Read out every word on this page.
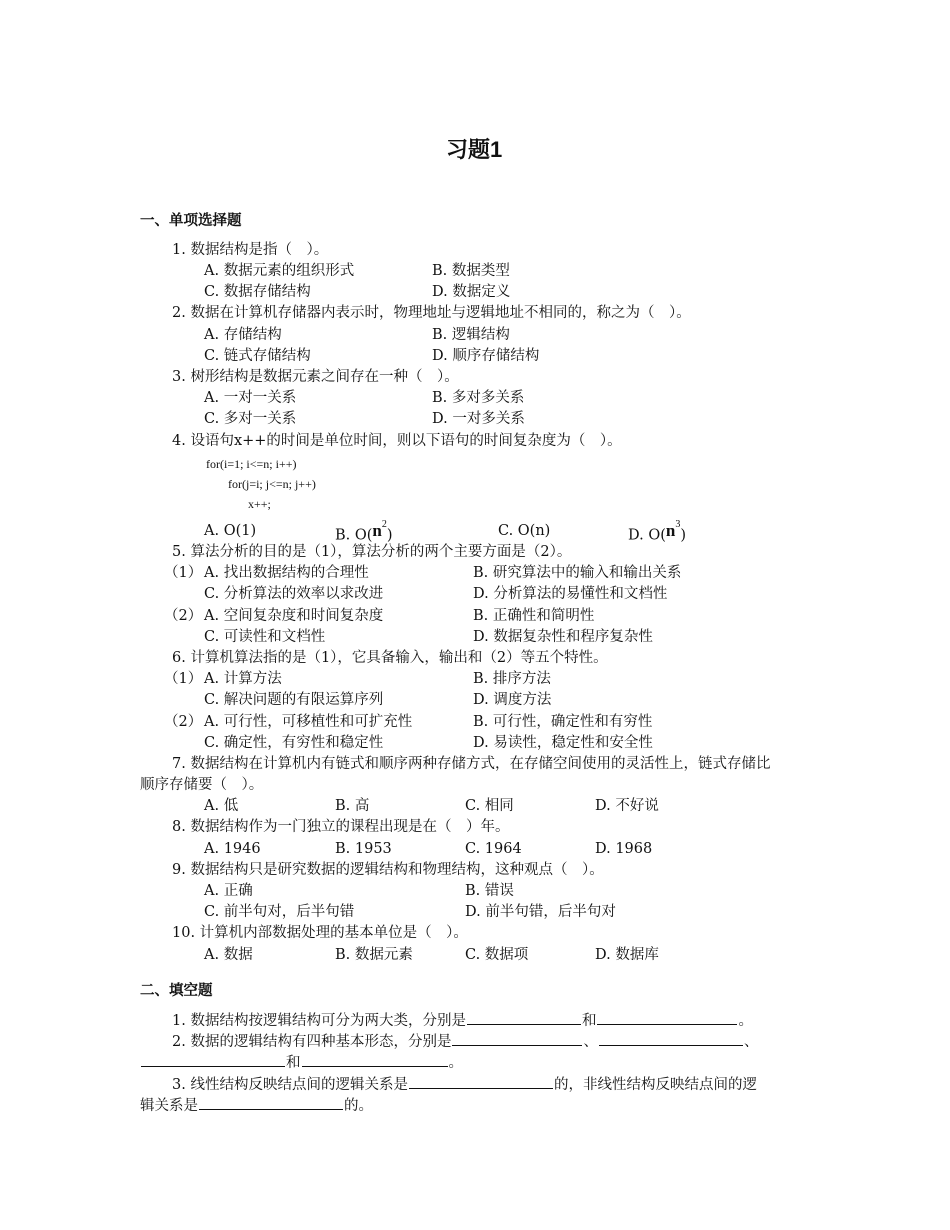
习题1
一、单项选择题
1. 数据结构是指（　）。
A. 数据元素的组织形式	B. 数据类型
C. 数据存储结构	D. 数据定义
2. 数据在计算机存储器内表示时，物理地址与逻辑地址不相同的，称之为（　）。
A. 存储结构	B. 逻辑结构
C. 链式存储结构	D. 顺序存储结构
3. 树形结构是数据元素之间存在一种（　）。
A. 一对一关系	B. 多对多关系
C. 多对一关系	D. 一对多关系
4. 设语句x++的时间是单位时间，则以下语句的时间复杂度为（　）。
for(i=1; i<=n; i++)
for(j=i; j<=n; j++)
x++;
A. O(1)	B. $O(n^2)$	C. O(n)	D. $O(n^3)$
5. 算法分析的目的是（1），算法分析的两个主要方面是（2）。
（1） A. 找出数据结构的合理性	B. 研究算法中的输入和输出关系
C. 分析算法的效率以求改进	D. 分析算法的易懂性和文档性
（2） A. 空间复杂度和时间复杂度	B. 正确性和简明性
C. 可读性和文档性	D. 数据复杂性和程序复杂性
6. 计算机算法指的是（1），它具备输入，输出和（2）等五个特性。
（1） A. 计算方法	B. 排序方法
C. 解决问题的有限运算序列	D. 调度方法
（2） A. 可行性，可移植性和可扩充性	B. 可行性，确定性和有穷性
C. 确定性，有穷性和稳定性	D. 易读性，稳定性和安全性
7. 数据结构在计算机内有链式和顺序两种存储方式，在存储空间使用的灵活性上，链式存储比
顺序存储要（　）。
A. 低	B. 高	C. 相同	D. 不好说
8. 数据结构作为一门独立的课程出现是在（　）年。
A. 1946	B. 1953	C. 1964	D. 1968
9. 数据结构只是研究数据的逻辑结构和物理结构，这种观点（　）。
A. 正确	B. 错误
C. 前半句对，后半句错	D. 前半句错，后半句对
10. 计算机内部数据处理的基本单位是（　）。
A. 数据	B. 数据元素	C. 数据项	D. 数据库
二、填空题
1. 数据结构按逻辑结构可分为两大类，分别是	和	。
2. 数据的逻辑结构有四种基本形态，分别是	、	、
和	。
3. 线性结构反映结点间的逻辑关系是	的，非线性结构反映结点间的逻
辑关系是	的。
